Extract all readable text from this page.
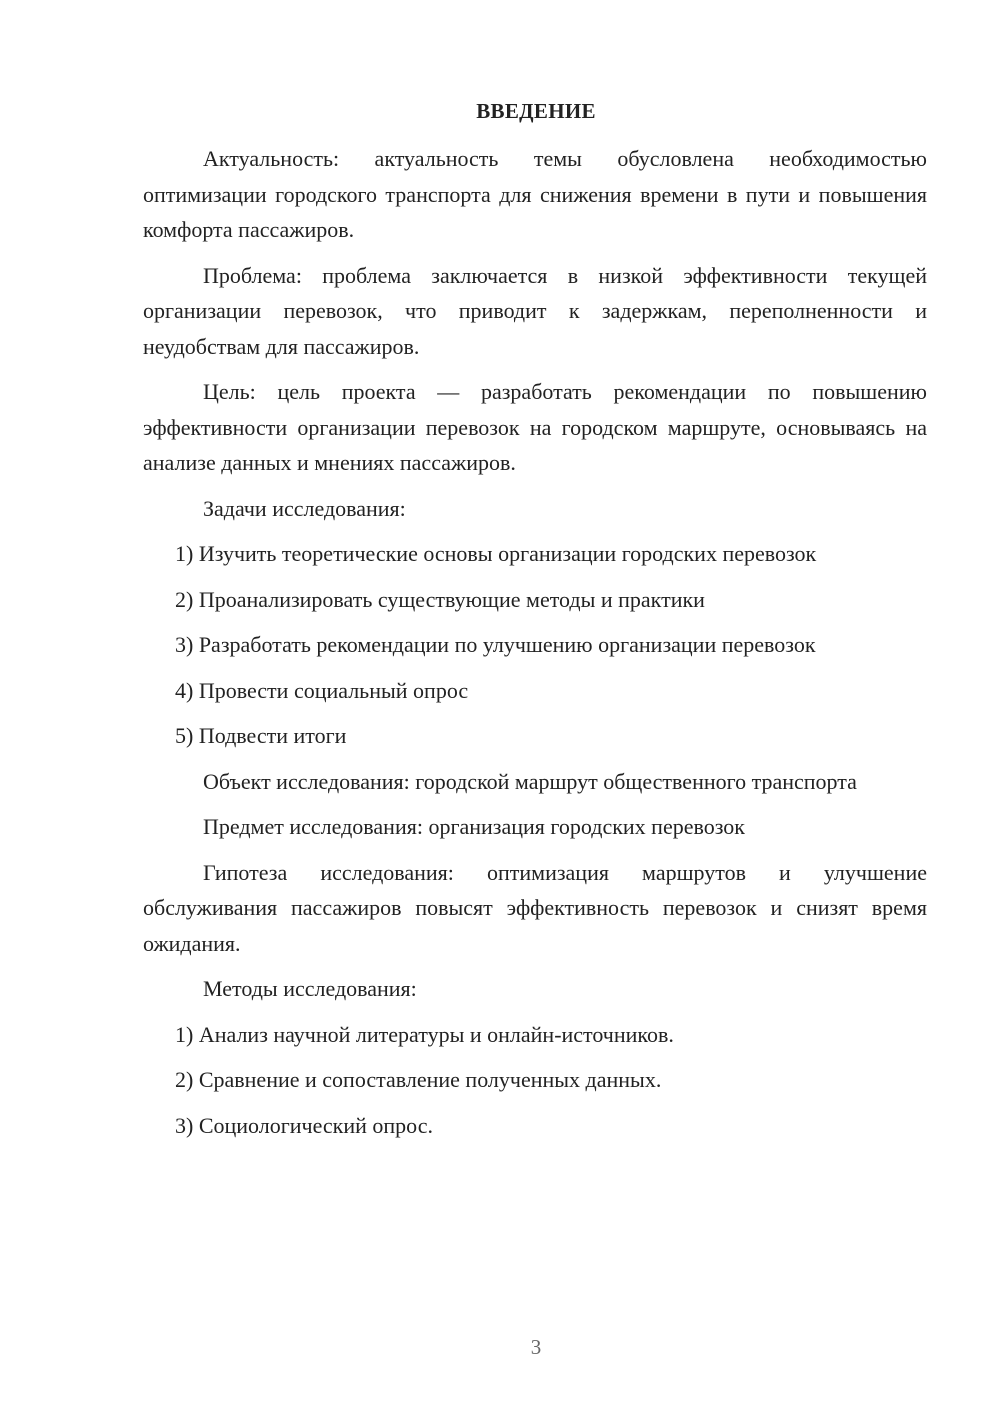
ВВЕДЕНИЕ

Актуальность: актуальность темы обусловлена необходимостью оптимизации городского транспорта для снижения времени в пути и повышения комфорта пассажиров.

Проблема: проблема заключается в низкой эффективности текущей организации перевозок, что приводит к задержкам, переполненности и неудобствам для пассажиров.

Цель: цель проекта — разработать рекомендации по повышению эффективности организации перевозок на городском маршруте, основываясь на анализе данных и мнениях пассажиров.

Задачи исследования:

1) Изучить теоретические основы организации городских перевозок

2) Проанализировать существующие методы и практики

3) Разработать рекомендации по улучшению организации перевозок

4) Провести социальный опрос

5) Подвести итоги

Объект исследования: городской маршрут общественного транспорта

Предмет исследования: организация городских перевозок

Гипотеза исследования: оптимизация маршрутов и улучшение обслуживания пассажиров повысят эффективность перевозок и снизят время ожидания.

Методы исследования:

1) Анализ научной литературы и онлайн-источников.

2) Сравнение и сопоставление полученных данных.

3) Социологический опрос.

3
